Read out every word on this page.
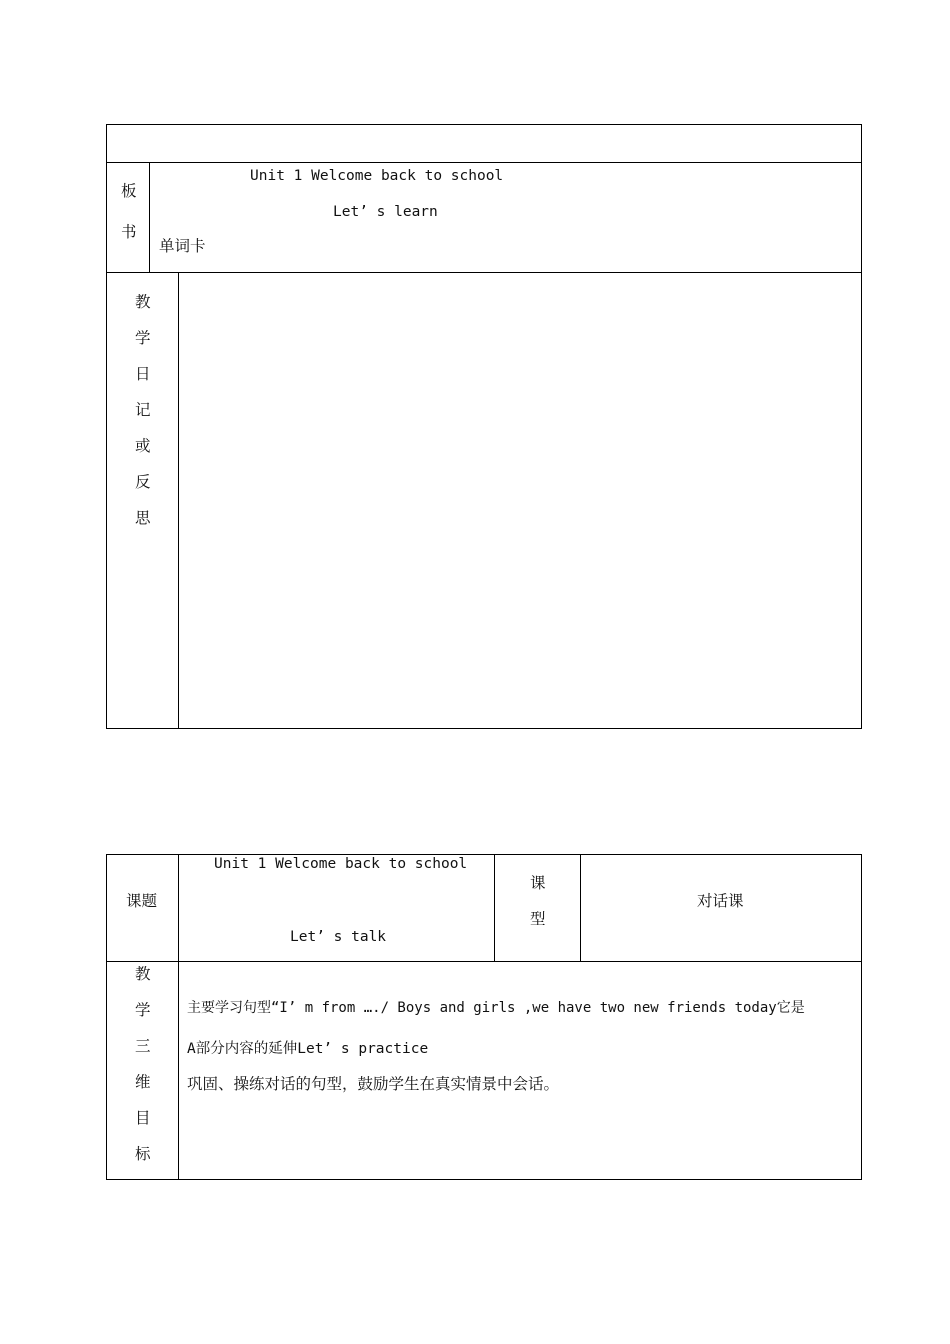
板
书
Unit 1 Welcome back to school
Let’ s learn
单词卡
教
学
日
记
或
反
思
课题
Unit 1 Welcome back to school
Let’ s talk
课
型
对话课
教
学
三
维
目
标
主要学习句型“I’ m from …./ Boys and girls ,we have two new friends today它是
A部分内容的延伸Let’ s practice
巩固、操练对话的句型，鼓励学生在真实情景中会话。
